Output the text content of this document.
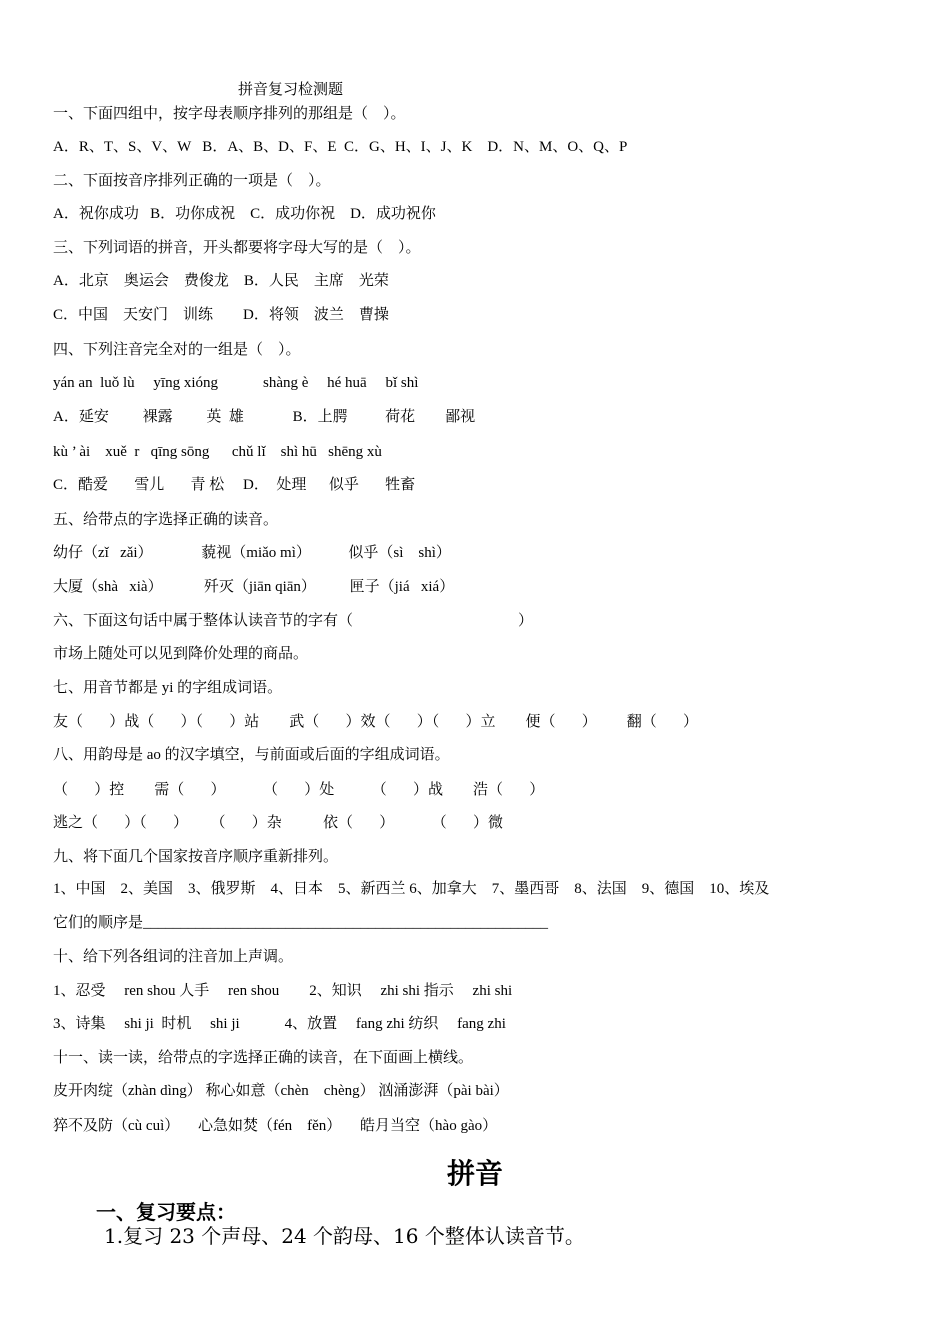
拼音复习检测题
一、下面四组中，按字母表顺序排列的那组是（    ）。
A．R、T、S、V、W   B．A、B、D、F、E  C．G、H、I、J、K    D．N、M、O、Q、P
二、下面按音序排列正确的一项是（    ）。
A．祝你成功   B．功你成祝    C．成功你祝    D．成功祝你
三、下列词语的拼音，开头都要将字母大写的是（    ）。
A．北京    奥运会    费俊龙    B．人民    主席    光荣
C．中国    天安门    训练        D．将领    波兰    曹操
四、下列注音完全对的一组是（    ）。
yán an  luǒ lù     yīng xióng            shàng è     hé huā     bǐ shì
A．延安         裸露         英  雄             B．上腭          荷花        鄙视
kù ’ ài    xuě  r   qīng sōng      chǔ lǐ    shì hū   shēng xù
C．酷爱       雪儿       青 松     D．  处理      似乎       牲畜
五、给带点的字选择正确的读音。
幼仔（zǐ   zǎi）             藐视（miǎo mì）          似乎（sì    shì）
大厦（shà   xià）           歼灭（jiān qiān）         匣子（jiá   xiá）
六、下面这句话中属于整体认读音节的字有（                                            ）
市场上随处可以见到降价处理的商品。
七、用音节都是 yi 的字组成词语。
友（       ）战（       ）（       ）站        武（       ）效（       ）（       ）立        便（       ）        翻（       ）
八、用韵母是 ao 的汉字填空，与前面或后面的字组成词语。
（       ）控        需（       ）          （       ）处          （       ）战        浩（       ）
逃之（       ）（       ）      （       ）杂           依（       ）          （       ）微
九、将下面几个国家按音序顺序重新排列。
1、中国    2、美国    3、俄罗斯    4、日本    5、新西兰 6、加拿大    7、墨西哥    8、法国    9、德国    10、埃及
它们的顺序是______________________________________________________
十、给下列各组词的注音加上声调。
1、忍受     ren shou 人手     ren shou        2、知识     zhi shi 指示     zhi shi
3、诗集     shi ji  时机     shi ji            4、放置     fang zhi 纺织     fang zhi
十一、读一读，给带点的字选择正确的读音，在下面画上横线。
皮开肉绽（zhàn dìng） 称心如意（chèn    chèng） 汹涌澎湃（pài bài）
猝不及防（cù cuì）     心急如焚（fén    fěn）     皓月当空（hào gào）
拼音
一、复习要点：
1.复习 23 个声母、24 个韵母、16 个整体认读音节。
